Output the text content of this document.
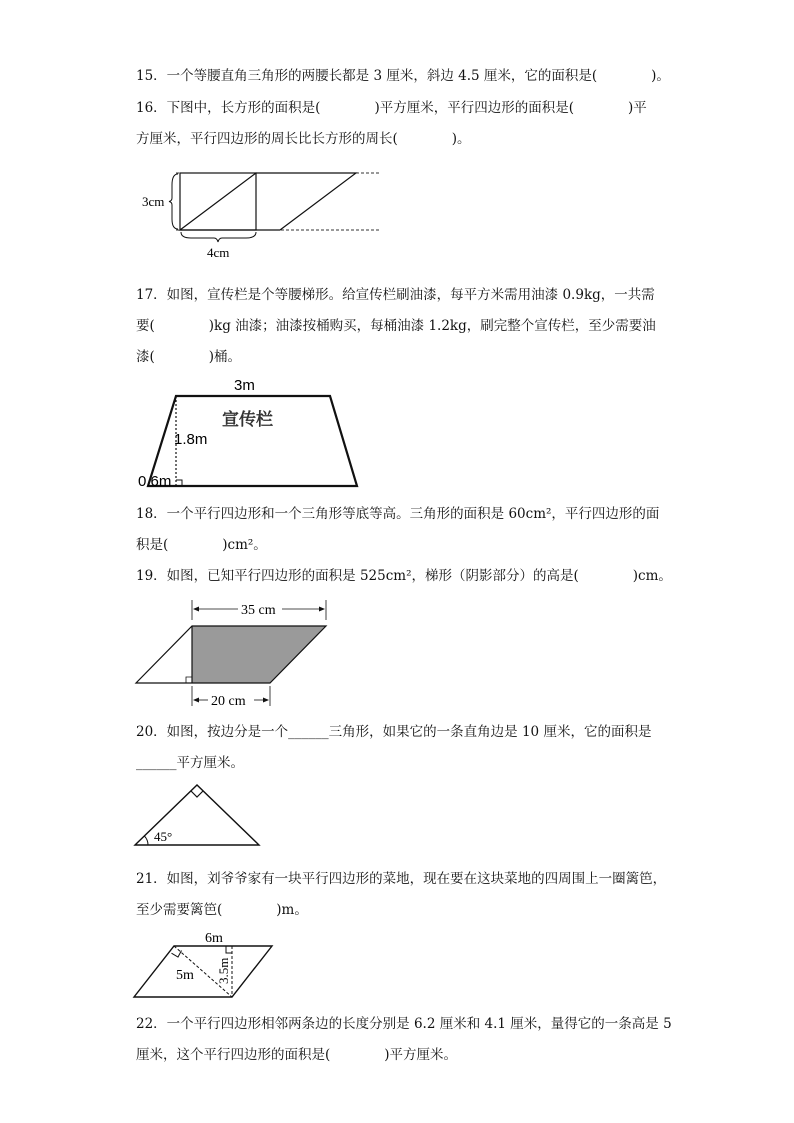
15．一个等腰直角三角形的两腰长都是 3 厘米，斜边 4.5 厘米，它的面积是(　　　　)。
16．下图中，长方形的面积是(　　　　)平方厘米，平行四边形的面积是(　　　　)平
方厘米，平行四边形的周长比长方形的周长(　　　　)。
3cm
4cm
17．如图，宣传栏是个等腰梯形。给宣传栏刷油漆，每平方米需用油漆 0.9kg，一共需
要(　　　　)kg 油漆；油漆按桶购买，每桶油漆 1.2kg，刷完整个宣传栏，至少需要油
漆(　　　　)桶。
3m
宣传栏
1.8m
0.6m
18．一个平行四边形和一个三角形等底等高。三角形的面积是 60cm²，平行四边形的面
积是(　　　　)cm²。
19．如图，已知平行四边形的面积是 525cm²，梯形（阴影部分）的高是(　　　　)cm。
35 cm
20 cm
20．如图，按边分是一个______三角形，如果它的一条直角边是 10 厘米，它的面积是
______平方厘米。
45°
21．如图，刘爷爷家有一块平行四边形的菜地，现在要在这块菜地的四周围上一圈篱笆，
至少需要篱笆(　　　　)m。
6m
5m 3.5m
22．一个平行四边形相邻两条边的长度分别是 6.2 厘米和 4.1 厘米，量得它的一条高是 5
厘米，这个平行四边形的面积是(　　　　)平方厘米。
